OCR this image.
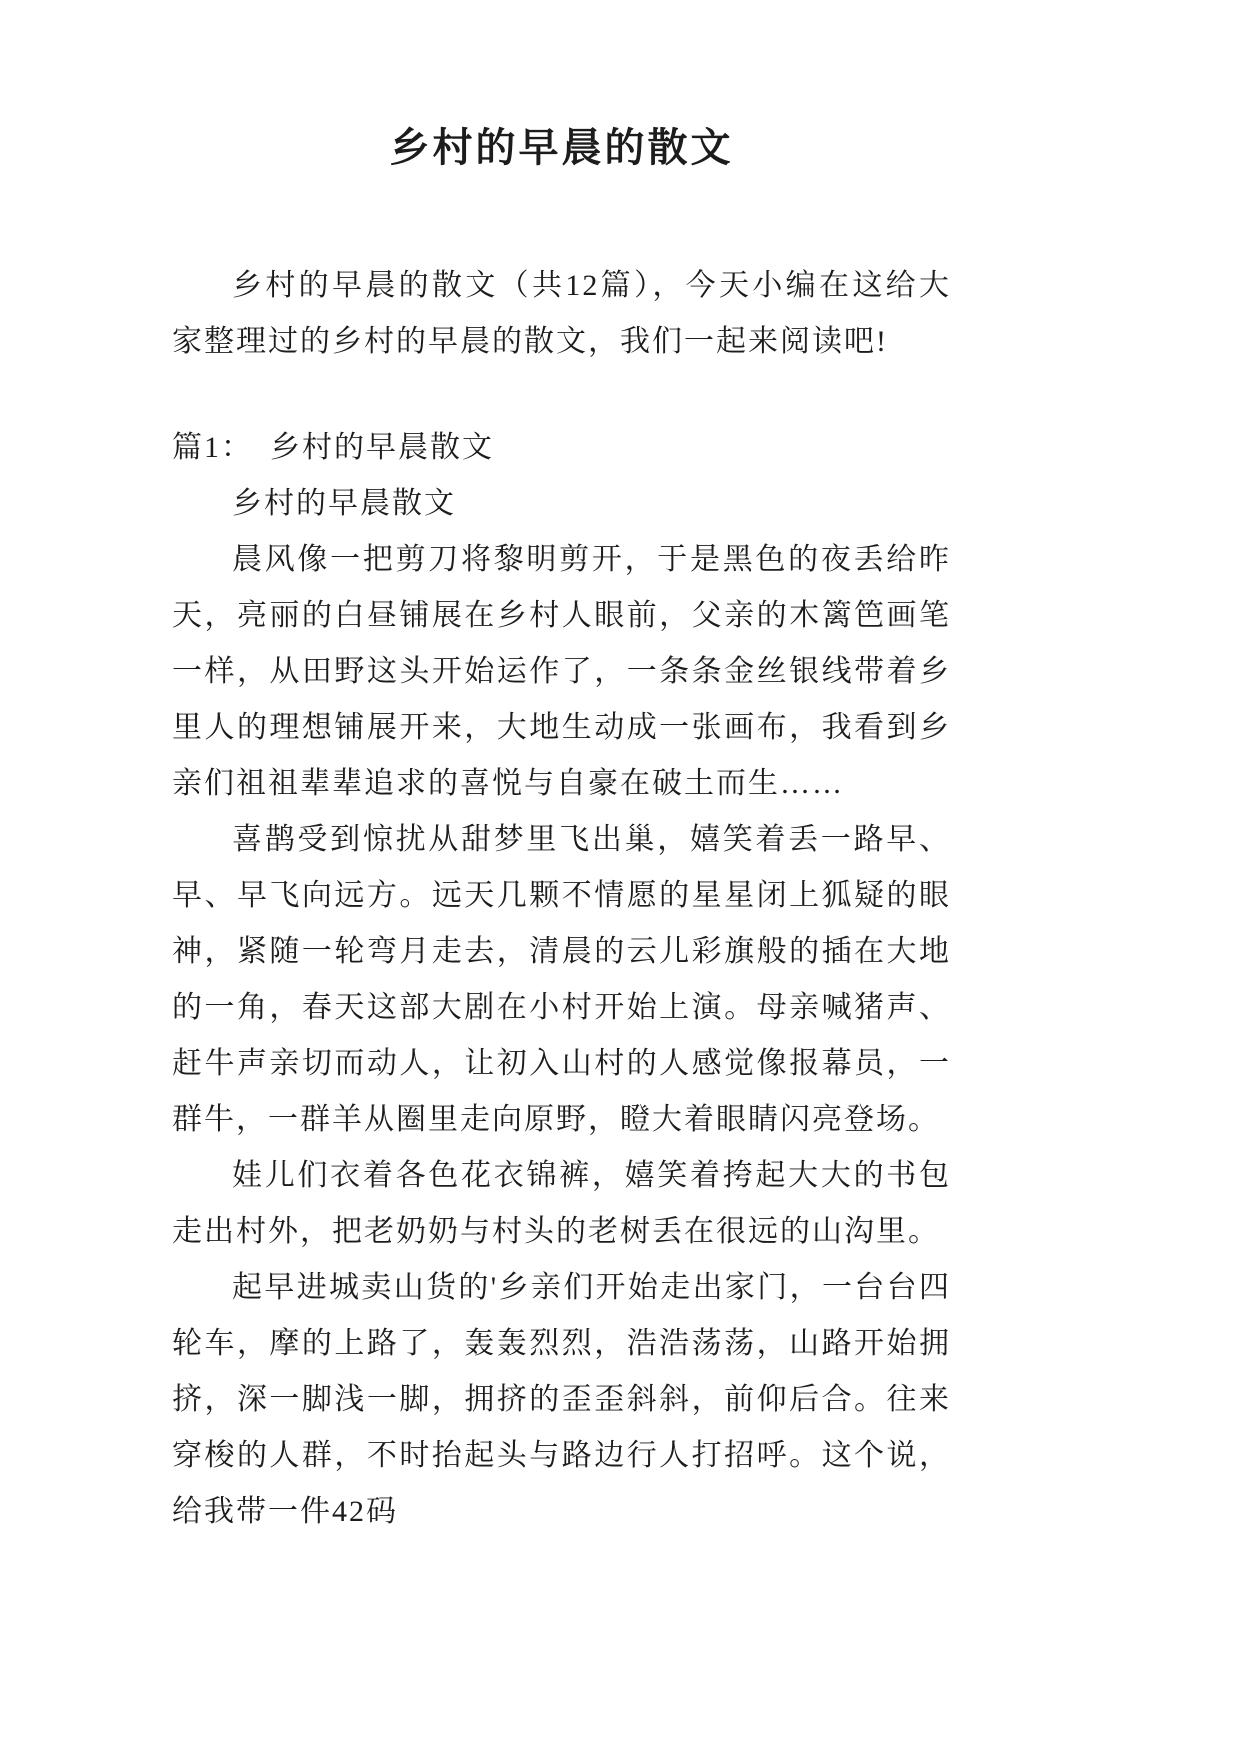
乡村的早晨的散文

乡村的早晨的散文（共12篇），今天小编在这给大家整理过的乡村的早晨的散文，我们一起来阅读吧!

篇1：　乡村的早晨散文

乡村的早晨散文

晨风像一把剪刀将黎明剪开，于是黑色的夜丢给昨天，亮丽的白昼铺展在乡村人眼前，父亲的木篱笆画笔一样，从田野这头开始运作了，一条条金丝银线带着乡里人的理想铺展开来，大地生动成一张画布，我看到乡亲们祖祖辈辈追求的喜悦与自豪在破土而生……

喜鹊受到惊扰从甜梦里飞出巢，嬉笑着丢一路早、早、早飞向远方。远天几颗不情愿的星星闭上狐疑的眼神，紧随一轮弯月走去，清晨的云儿彩旗般的插在大地的一角，春天这部大剧在小村开始上演。母亲喊猪声、赶牛声亲切而动人，让初入山村的人感觉像报幕员，一群牛，一群羊从圈里走向原野，瞪大着眼睛闪亮登场。

娃儿们衣着各色花衣锦裤，嬉笑着挎起大大的书包走出村外，把老奶奶与村头的老树丢在很远的山沟里。

起早进城卖山货的'乡亲们开始走出家门，一台台四轮车，摩的上路了，轰轰烈烈，浩浩荡荡，山路开始拥挤，深一脚浅一脚，拥挤的歪歪斜斜，前仰后合。往来穿梭的人群，不时抬起头与路边行人打招呼。这个说，给我带一件42码
